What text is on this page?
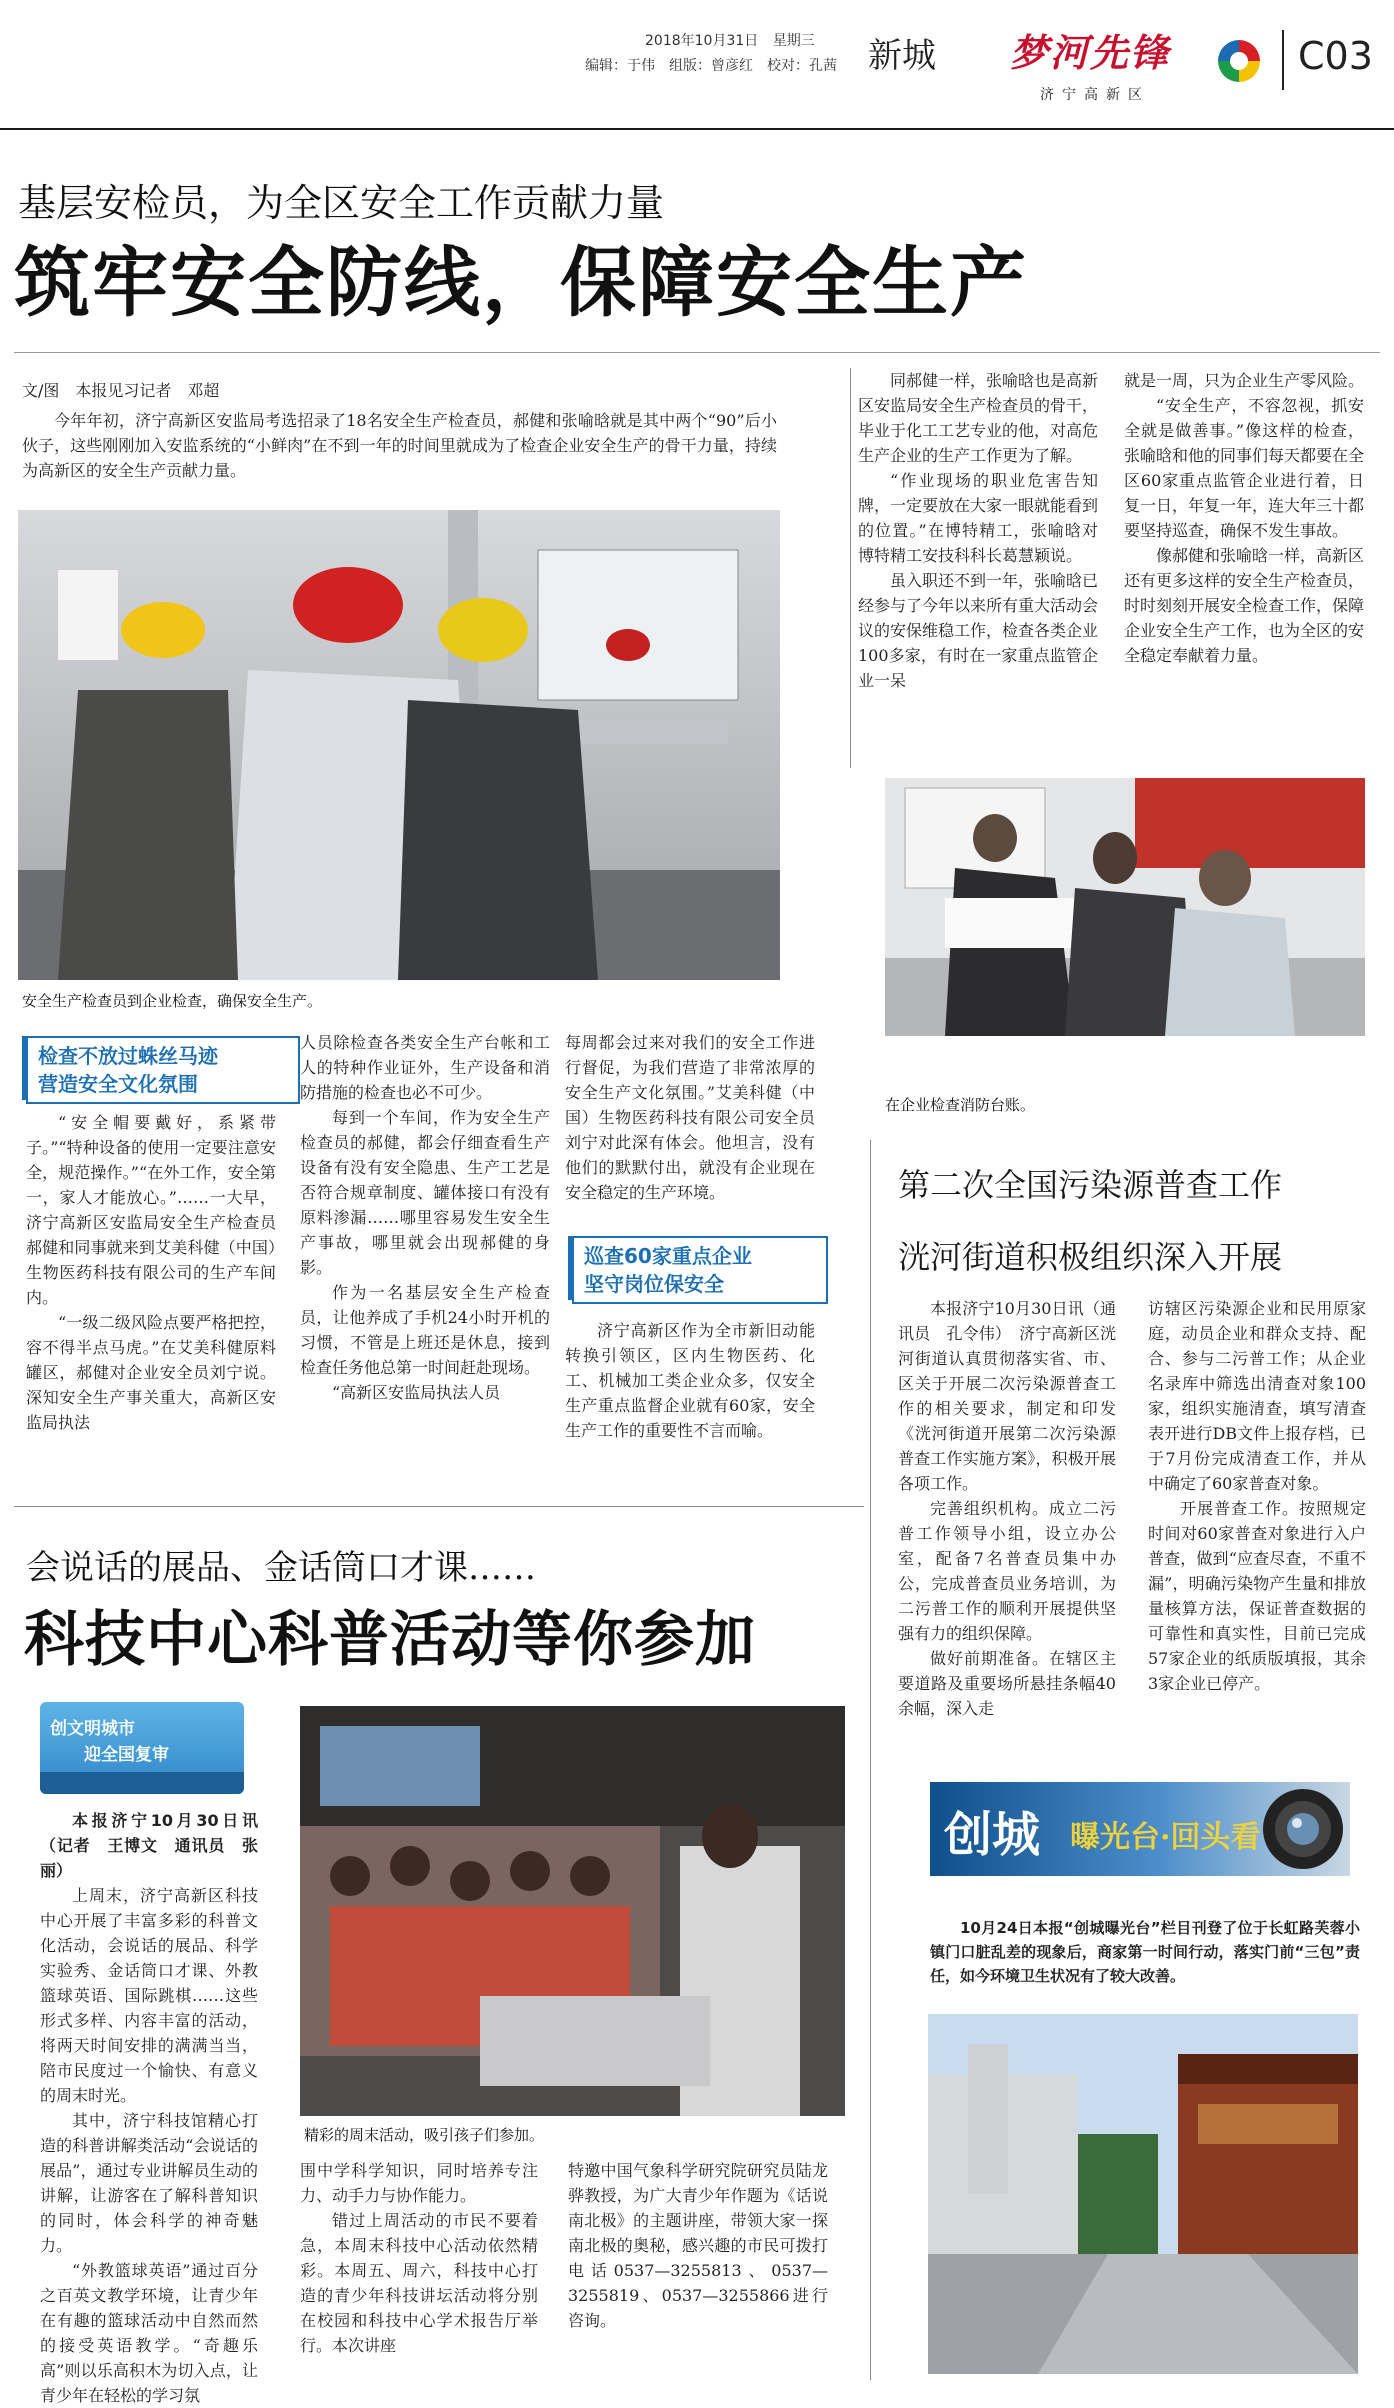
2018年10月31日 星期三
编辑：于伟　组版：曾彦红　校对：孔茜 新城 梦河先锋
济宁高新区
C03
基层安检员，为全区安全工作贡献力量
筑牢安全防线，保障安全生产
文/图　本报见习记者　邓超

今年年初，济宁高新区安监局考选招录了18名安全生产检查员，郝健和张喻晗就是其中两个“90”后小伙子，这些刚刚加入安监系统的“小鲜肉”在不到一年的时间里就成为了检查企业安全生产的骨干力量，持续为高新区的安全生产贡献力量。

安全生产检查员到企业检查，确保安全生产。
检查不放过蛛丝马迹
营造安全文化氛围

“安全帽要戴好，系紧带子。”“特种设备的使用一定要注意安全，规范操作。”“在外工作，安全第一，家人才能放心。”……一大早，济宁高新区安监局安全生产检查员郝健和同事就来到艾美科健（中国）生物医药科技有限公司的生产车间内。

“一级二级风险点要严格把控，容不得半点马虎。”在艾美科健原料罐区，郝健对企业安全员刘宁说。深知安全生产事关重大，高新区安监局执法

人员除检查各类安全生产台帐和工人的特种作业证外，生产设备和消防措施的检查也必不可少。

每到一个车间，作为安全生产检查员的郝健，都会仔细查看生产设备有没有安全隐患、生产工艺是否符合规章制度、罐体接口有没有原料渗漏……哪里容易发生安全生产事故，哪里就会出现郝健的身影。

作为一名基层安全生产检查员，让他养成了手机24小时开机的习惯，不管是上班还是休息，接到检查任务他总第一时间赶赴现场。

“高新区安监局执法人员

每周都会过来对我们的安全工作进行督促，为我们营造了非常浓厚的安全生产文化氛围。”艾美科健（中国）生物医药科技有限公司安全员刘宁对此深有体会。他坦言，没有他们的默默付出，就没有企业现在安全稳定的生产环境。

巡查60家重点企业
坚守岗位保安全

济宁高新区作为全市新旧动能转换引领区，区内生物医药、化工、机械加工类企业众多，仅安全生产重点监督企业就有60家，安全生产工作的重要性不言而喻。

同郝健一样，张喻晗也是高新区安监局安全生产检查员的骨干，毕业于化工工艺专业的他，对高危生产企业的生产工作更为了解。

“作业现场的职业危害告知牌，一定要放在大家一眼就能看到的位置。”在博特精工，张喻晗对博特精工安技科科长葛慧颖说。

虽入职还不到一年，张喻晗已经参与了今年以来所有重大活动会议的安保维稳工作，检查各类企业100多家，有时在一家重点监管企业一呆

就是一周，只为企业生产零风险。

“安全生产，不容忽视，抓安全就是做善事。”像这样的检查，张喻晗和他的同事们每天都要在全区60家重点监管企业进行着，日复一日，年复一年，连大年三十都要坚持巡查，确保不发生事故。

像郝健和张喻晗一样，高新区还有更多这样的安全生产检查员，时时刻刻开展安全检查工作，保障企业安全生产工作，也为全区的安全稳定奉献着力量。

在企业检查消防台账。
第二次全国污染源普查工作
洸河街道积极组织深入开展

本报济宁10月30日讯（通讯员　孔令伟）　济宁高新区洸河街道认真贯彻落实省、市、区关于开展二次污染源普查工作的相关要求，制定和印发《洸河街道开展第二次污染源普查工作实施方案》，积极开展各项工作。

完善组织机构。成立二污普工作领导小组，设立办公室，配备7名普查员集中办公，完成普查员业务培训，为二污普工作的顺利开展提供坚强有力的组织保障。

做好前期准备。在辖区主要道路及重要场所悬挂条幅40余幅，深入走

访辖区污染源企业和民用原家庭，动员企业和群众支持、配合、参与二污普工作；从企业名录库中筛选出清查对象100家，组织实施清查，填写清查表开进行DB文件上报存档，已于7月份完成清查工作，并从中确定了60家普查对象。

开展普查工作。按照规定时间对60家普查对象进行入户普查，做到“应查尽查，不重不漏”，明确污染物产生量和排放量核算方法，保证普查数据的可靠性和真实性，目前已完成57家企业的纸质版填报，其余3家企业已停产。

创城 曝光台·回头看

10月24日本报“创城曝光台”栏目刊登了位于长虹路芙蓉小镇门口脏乱差的现象后，商家第一时间行动，落实门前“三包”责任，如今环境卫生状况有了较大改善。

会说话的展品、金话筒口才课……
科技中心科普活动等你参加
创文明城市
迎全国复审

本报济宁10月30日讯（记者　王博文　通讯员　张丽）

上周末，济宁高新区科技中心开展了丰富多彩的科普文化活动，会说话的展品、科学实验秀、金话筒口才课、外教篮球英语、国际跳棋……这些形式多样、内容丰富的活动，将两天时间安排的满满当当，陪市民度过一个愉快、有意义的周末时光。

其中，济宁科技馆精心打造的科普讲解类活动“会说话的展品”，通过专业讲解员生动的讲解，让游客在了解科普知识的同时，体会科学的神奇魅力。

“外教篮球英语”通过百分之百英文教学环境，让青少年在有趣的篮球活动中自然而然的接受英语教学。“奇趣乐高”则以乐高积木为切入点，让青少年在轻松的学习氛

精彩的周末活动，吸引孩子们参加。

围中学科学知识，同时培养专注力、动手力与协作能力。

错过上周活动的市民不要着急，本周末科技中心活动依然精彩。本周五、周六，科技中心打造的青少年科技讲坛活动将分别在校园和科技中心学术报告厅举行。本次讲座

特邀中国气象科学研究院研究员陆龙骅教授，为广大青少年作题为《话说南北极》的主题讲座，带领大家一探南北极的奥秘，感兴趣的市民可拨打电话0537—3255813、0537—3255819、0537—3255866进行咨询。
